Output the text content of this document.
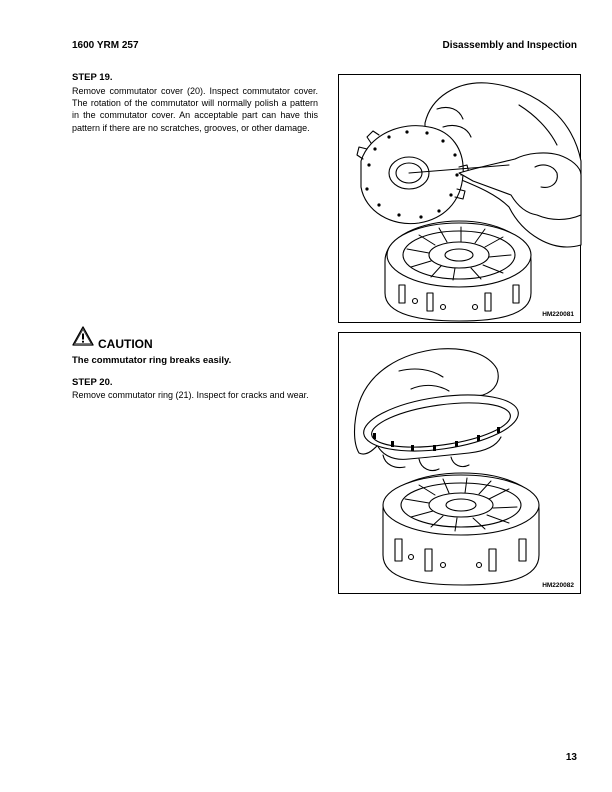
1600 YRM 257	Disassembly and Inspection
STEP 19.
Remove commutator cover (20). Inspect commutator cover. The rotation of the commutator will normally polish a pattern in the commutator cover. An acceptable part can have this pattern if there are no scratches, grooves, or other damage.
CAUTION
The commutator ring breaks easily.
STEP 20.
Remove commutator ring (21). Inspect for cracks and wear.
HM220081
HM220082
13
